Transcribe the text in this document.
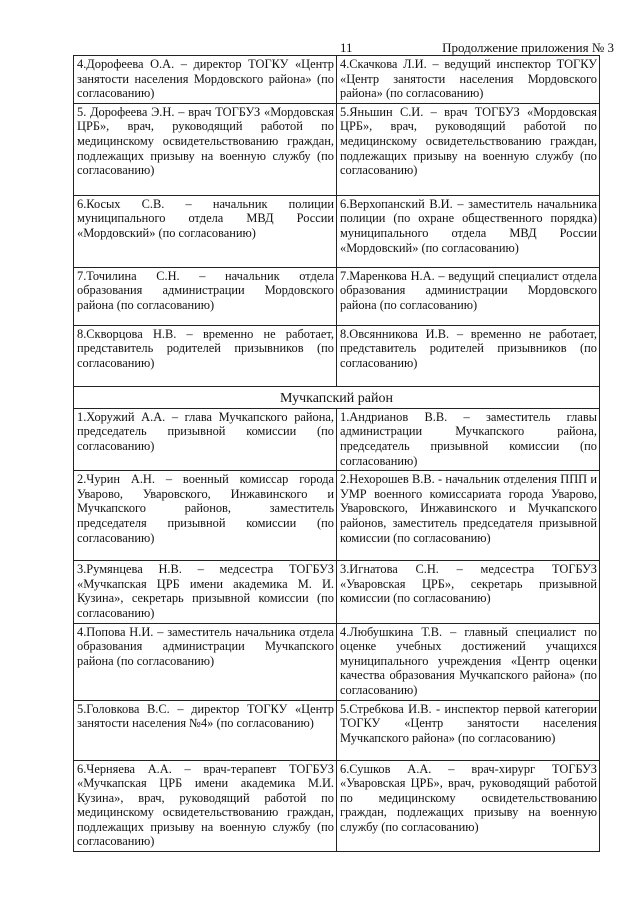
11	Продолжение приложения № 3
4.Дорофеева О.А. – директор ТОГКУ «Центр занятости населения Мордовского района» (по согласованию)	4.Скачкова Л.И. – ведущий инспектор ТОГКУ «Центр занятости населения Мордовского района» (по согласованию)

5. Дорофеева Э.Н. – врач ТОГБУЗ «Мордовская ЦРБ», врач, руководящий работой по медицинскому освидетельствованию граждан, подлежащих призыву на военную службу (по согласованию)	5.Яньшин С.И. – врач ТОГБУЗ «Мордовская ЦРБ», врач, руководящий работой по медицинскому освидетельствованию граждан, подлежащих призыву на военную службу (по согласованию)

6.Косых С.В. – начальник полиции муниципального отдела МВД России «Мордовский» (по согласованию)	6.Верхопанский В.И. – заместитель начальника полиции (по охране общественного порядка) муниципального отдела МВД России «Мордовский» (по согласованию)

7.Точилина С.Н. – начальник отдела образования администрации Мордовского района (по согласованию)	7.Маренкова Н.А. – ведущий специалист отдела образования администрации Мордовского района (по согласованию)

8.Скворцова Н.В. – временно не работает, представитель родителей призывников (по согласованию)	8.Овсянникова И.В. – временно не работает, представитель родителей призывников (по согласованию)

Мучкапский район	

1.Хоружий А.А. – глава Мучкапского района, председатель призывной комиссии (по согласованию)	1.Андрианов В.В. – заместитель главы администрации Мучкапского района, председатель призывной комиссии (по согласованию)

2.Чурин А.Н. – военный комиссар города Уварово, Уваровского, Инжавинского и Мучкапского районов, заместитель председателя призывной комиссии (по согласованию)	2.Нехорошев В.В. - начальник отделения ППП и УМР военного комиссариата города Уварово, Уваровского, Инжавинского и Мучкапского районов, заместитель председателя призывной комиссии (по согласованию)

3.Румянцева Н.В. – медсестра ТОГБУЗ «Мучкапская ЦРБ имени академика М. И. Кузина», секретарь призывной комиссии (по согласованию)	3.Игнатова С.Н. – медсестра ТОГБУЗ «Уваровская ЦРБ», секретарь призывной комиссии (по согласованию)

4.Попова Н.И. – заместитель начальника отдела образования администрации Мучкапского района (по согласованию)	4.Любушкина Т.В. – главный специалист по оценке учебных достижений учащихся муниципального учреждения «Центр оценки качества образования Мучкапского района» (по согласованию)

5.Головкова В.С. – директор ТОГКУ «Центр занятости населения №4» (по согласованию)	5.Стребкова И.В. - инспектор первой категории ТОГКУ «Центр занятости населения Мучкапского района» (по согласованию)

6.Черняева А.А. – врач-терапевт ТОГБУЗ «Мучкапская ЦРБ имени академика М.И. Кузина», врач, руководящий работой по медицинскому освидетельствованию граждан, подлежащих призыву на военную службу (по согласованию)	6.Сушков А.А. – врач-хирург ТОГБУЗ «Уваровская ЦРБ», врач, руководящий работой по медицинскому освидетельствованию граждан, подлежащих призыву на военную службу (по согласованию)
